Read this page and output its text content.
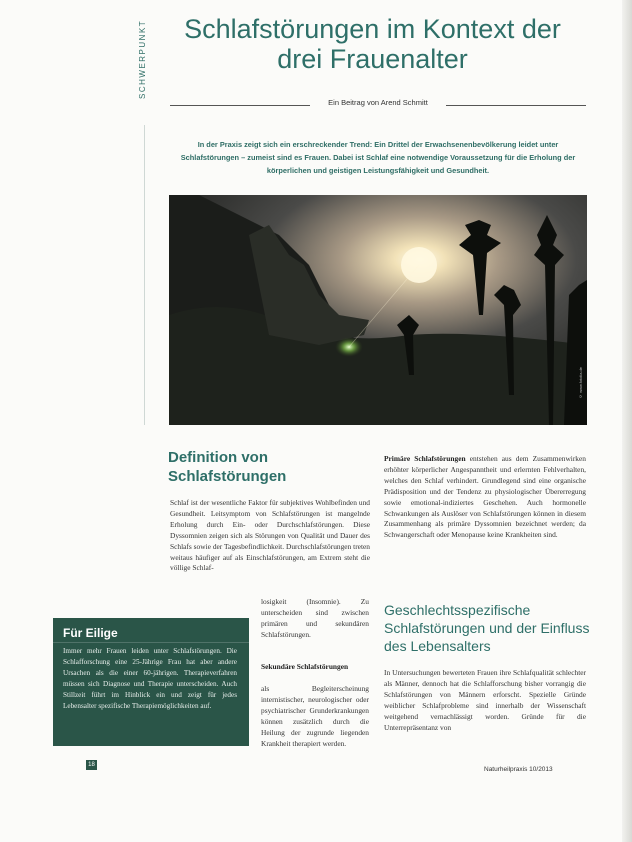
SCHWERPUNKT	Schlafstörungen im Kontext der drei Frauenalter
Ein Beitrag von Arend Schmitt

In der Praxis zeigt sich ein erschreckender Trend: Ein Drittel der Erwachsenenbevölkerung leidet unter Schlafstörungen – zumeist sind es Frauen. Dabei ist Schlaf eine notwendige Voraussetzung für die Erholung der körperlichen und geistigen Leistungsfähigkeit und Gesundheit.

© www.fotolia.de
Definition von Schlafstörungen

Schlaf ist der wesentliche Faktor für subjektives Wohlbefinden und Gesundheit. Leitsymptom von Schlafstörungen ist mangelnde Erholung durch Ein- oder Durchschlafstörungen. Diese Dyssomnien zeigen sich als Störungen von Qualität und Dauer des Schlafs sowie der Tagesbefindlichkeit. Durchschlafstörungen treten weitaus häufiger auf als Einschlafstörungen, am Extrem steht die völlige Schlaf-

losigkeit (Insomnie). Zu unterscheiden sind zwischen primären und sekundären Schlafstörungen.

Sekundäre Schlafstörungen

als Begleiterscheinung internistischer, neurologischer oder psychiatrischer Grunderkrankungen können zusätzlich durch die Heilung der zugrunde liegenden Krankheit therapiert werden.

Primäre Schlafstörungen entstehen aus dem Zusammenwirken erhöhter körperlicher Angespanntheit und erlernten Fehlverhalten, welches den Schlaf verhindert. Grundlegend sind eine organische Prädisposition und der Tendenz zu physiologischer Übererregung sowie emotional-indiziertes Geschehen. Auch hormonelle Schwankungen als Auslöser von Schlafstörungen können in diesem Zusammenhang als primäre Dyssomnien bezeichnet werden; da Schwangerschaft oder Menopause keine Krankheiten sind.

Geschlechtsspezifische Schlafstörungen und der Einfluss des Lebensalters

In Untersuchungen bewerteten Frauen ihre Schlafqualität schlechter als Männer, dennoch hat die Schlafforschung bisher vorrangig die Schlafstörungen von Männern erforscht. Spezielle Gründe weiblicher Schlafprobleme sind innerhalb der Wissenschaft weitgehend vernachlässigt worden. Gründe für die Unterrepräsentanz von

Für Eilige

Immer mehr Frauen leiden unter Schlafstörungen. Die Schlafforschung eine 25-Jährige Frau hat aber andere Ursachen als die einer 60-jährigen. Therapieverfahren müssen sich Diagnose und Therapie unterscheiden. Auch Stillzeit führt im Hinblick ein und zeigt für jedes Lebensalter spezifische Therapiemöglichkeiten auf.

18
Naturheilpraxis 10/2013
